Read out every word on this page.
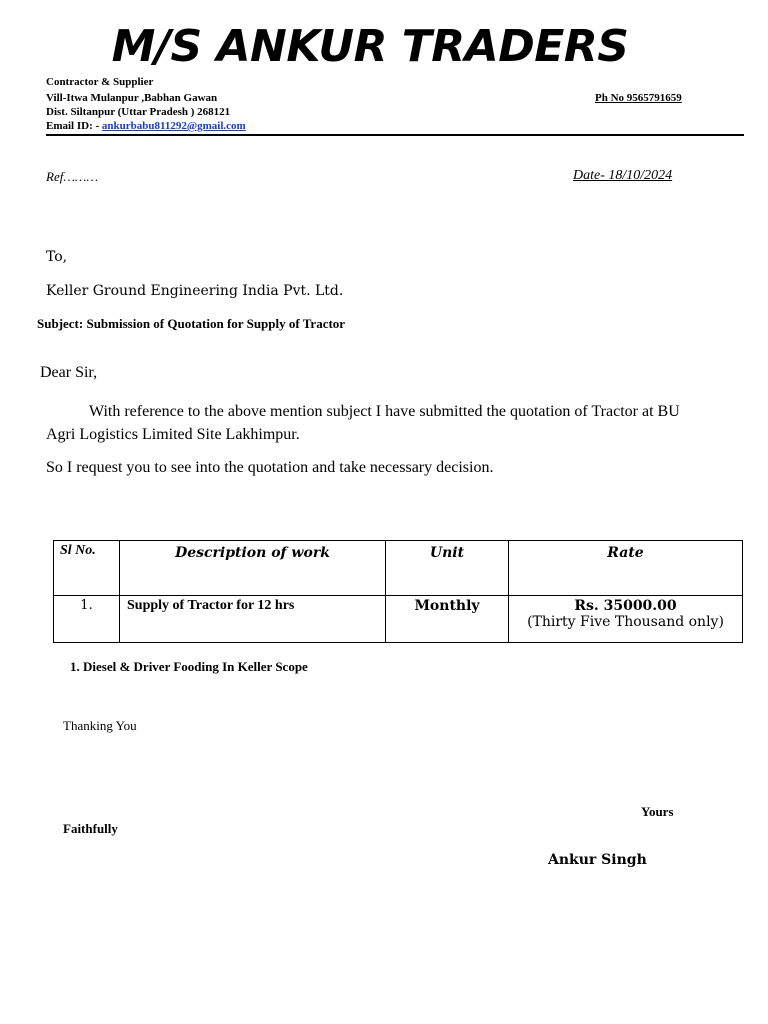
M/S ANKUR TRADERS
Contractor & Supplier
Vill-Itwa Mulanpur ,Babhan Gawan
Dist. Siltanpur (Uttar Pradesh ) 268121
Email ID: - ankurbabu811292@gmail.com
Ph No 9565791659
Ref………	Date- 18/10/2024
To,
Keller Ground Engineering India Pvt. Ltd.
Subject: Submission of Quotation for Supply of Tractor
Dear Sir,
With reference to the above mention subject I have submitted the quotation of Tractor at BU Agri Logistics Limited Site Lakhimpur.
So I request you to see into the quotation and take necessary decision.
Sl No.	Description of work	Unit	Rate
1.	Supply of Tractor for 12 hrs	Monthly	Rs. 35000.00
(Thirty Five Thousand only)
1. Diesel & Driver Fooding In Keller Scope
Thanking You
Yours
Faithfully
Ankur Singh
